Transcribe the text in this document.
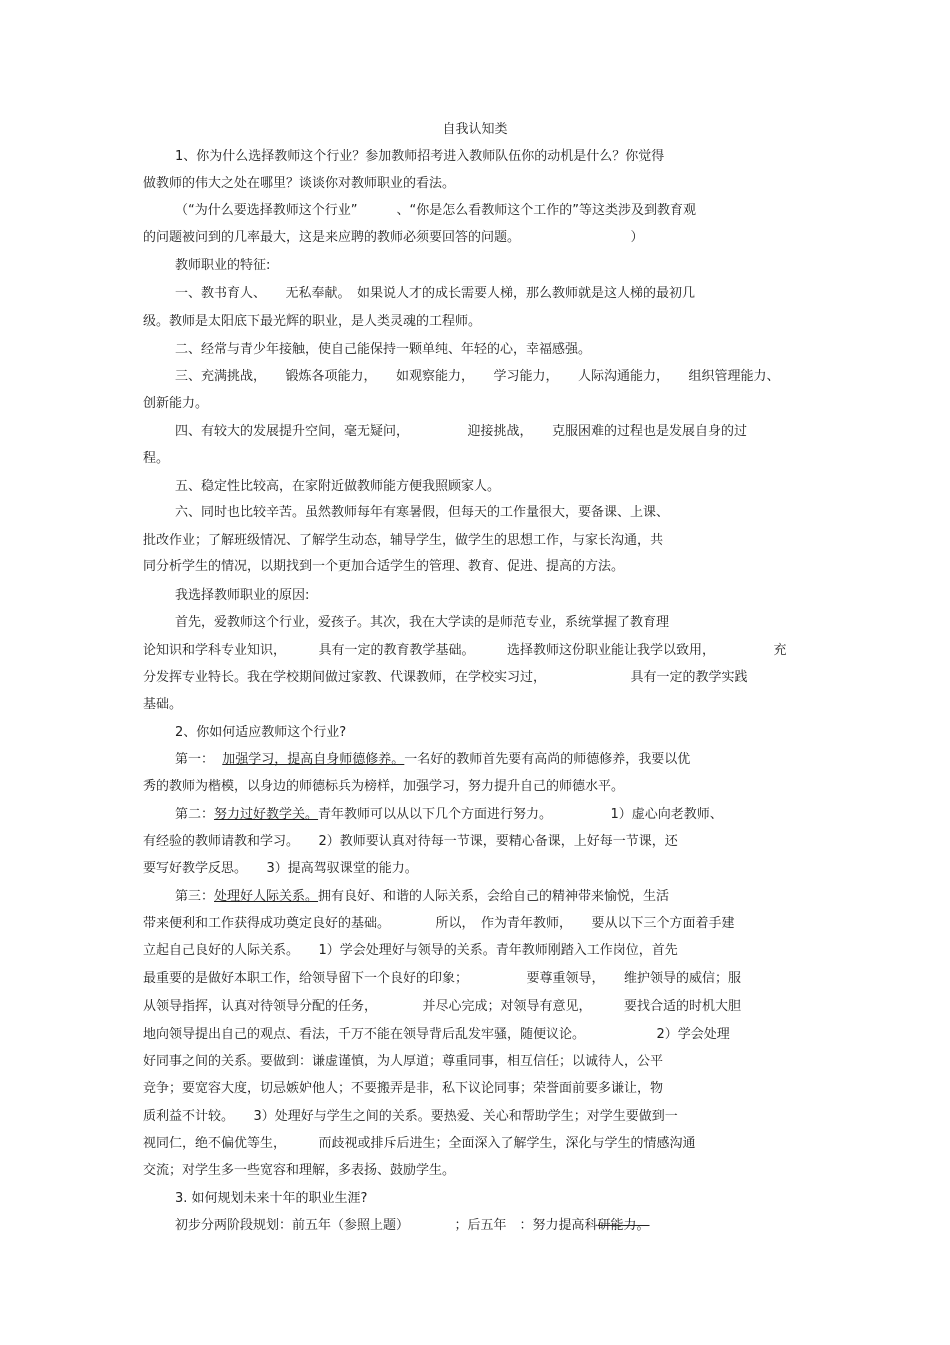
自我认知类
1、你为什么选择教师这个行业？参加教师招考进入教师队伍你的动机是什么？你觉得
做教师的伟大之处在哪里？谈谈你对教师职业的看法。
（“为什么要选择教师这个行业”　　　、“你是怎么看教师这个工作的”等这类涉及到教育观
的问题被问到的几率最大，这是来应聘的教师必须要回答的问题。　　　　　　　　　）
教师职业的特征:
一、教书育人、　　无私奉献。　如果说人才的成长需要人梯，那么教师就是这人梯的最初几
级。教师是太阳底下最光辉的职业，是人类灵魂的工程师。
二、经常与青少年接触，使自己能保持一颗单纯、年轻的心，幸福感强。
三、充满挑战，　　锻炼各项能力，　　如观察能力，　　学习能力，　　人际沟通能力，　　组织管理能力、
创新能力。
四、有较大的发展提升空间，毫无疑问，　　　　　迎接挑战，　　克服困难的过程也是发展自身的过
程。
五、稳定性比较高，在家附近做教师能方便我照顾家人。
六、同时也比较辛苦。虽然教师每年有寒暑假，但每天的工作量很大，要备课、上课、
批改作业；了解班级情况、了解学生动态，辅导学生，做学生的思想工作，与家长沟通，共
同分析学生的情况，以期找到一个更加合适学生的管理、教育、促进、提高的方法。
我选择教师职业的原因:
首先，爱教师这个行业，爱孩子。其次，我在大学读的是师范专业，系统掌握了教育理
论知识和学科专业知识，　　　具有一定的教育教学基础。　　　选择教师这份职业能让我学以致用，　　　　　充
分发挥专业特长。我在学校期间做过家教、代课教师，在学校实习过，　　　　　　　具有一定的教学实践
基础。
2、你如何适应教师这个行业?
第一： 加强学习，提高自身师德修养。一名好的教师首先要有高尚的师德修养，我要以优
秀的教师为楷模，以身边的师德标兵为榜样，加强学习，努力提升自己的师德水平。
第二：努力过好教学关。青年教师可以从以下几个方面进行努力。　　　　　1）虚心向老教师、
有经验的教师请教和学习。　　2）教师要认真对待每一节课，要精心备课，上好每一节课，还
要写好教学反思。　　3）提高驾驭课堂的能力。
第三：处理好人际关系。拥有良好、和谐的人际关系，会给自己的精神带来愉悦，生活
带来便利和工作获得成功奠定良好的基础。　　　　所以，　作为青年教师，　　要从以下三个方面着手建
立起自己良好的人际关系。　　1）学会处理好与领导的关系。青年教师刚踏入工作岗位，首先
最重要的是做好本职工作，给领导留下一个良好的印象；　　　　　要尊重领导，　　维护领导的威信；服
从领导指挥，认真对待领导分配的任务，　　　　并尽心完成；对领导有意见，　　　要找合适的时机大胆
地向领导提出自己的观点、看法，千万不能在领导背后乱发牢骚，随便议论。　　　　　　2）学会处理
好同事之间的关系。要做到：谦虚谨慎，为人厚道；尊重同事，相互信任；以诚待人，公平
竞争；要宽容大度，切忌嫉妒他人；不要搬弄是非，私下议论同事；荣誉面前要多谦让，物
质利益不计较。　　3）处理好与学生之间的关系。要热爱、关心和帮助学生；对学生要做到一
视同仁，绝不偏优等生，　　　而歧视或排斥后进生；全面深入了解学生，深化与学生的情感沟通
交流；对学生多一些宽容和理解，多表扬、鼓励学生。
3. 如何规划未来十年的职业生涯?
初步分两阶段规划：前五年（参照上题）　　　　；后五年　：努力提高科研能力。
